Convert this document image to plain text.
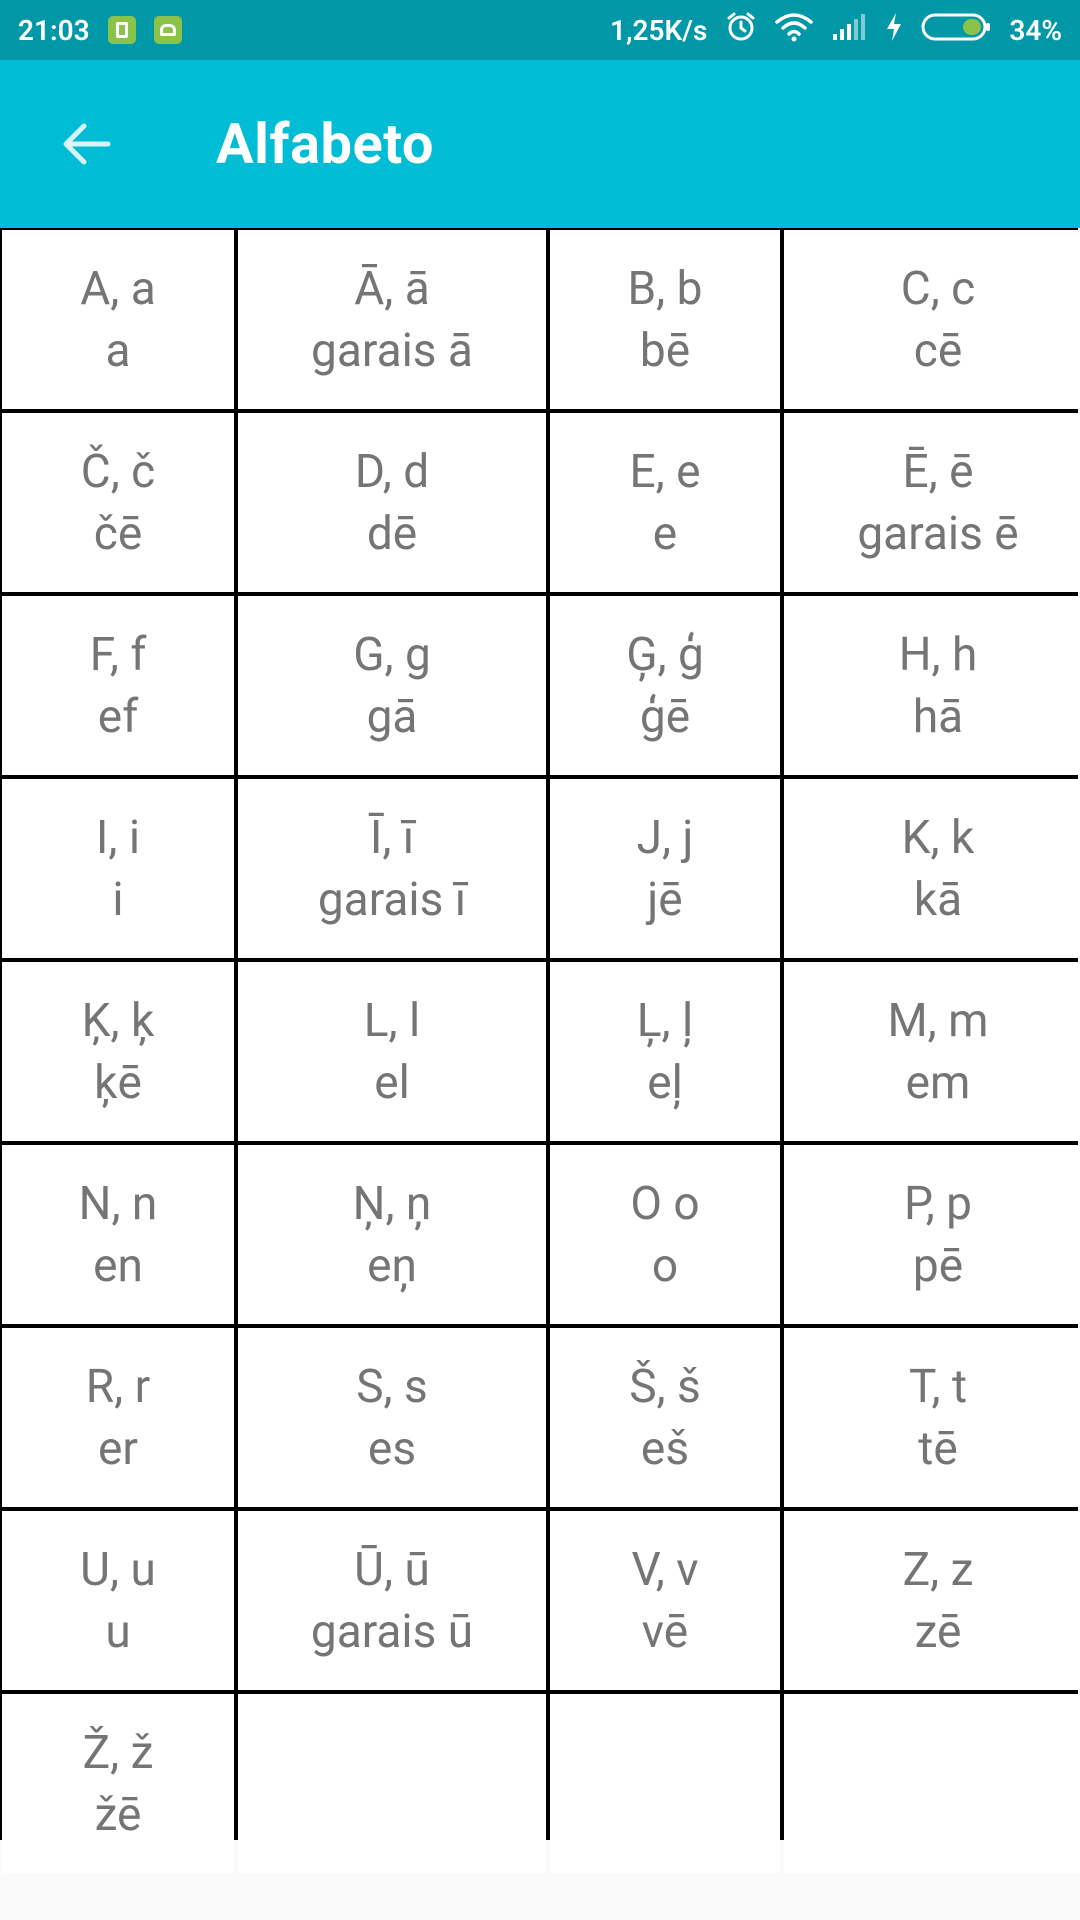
21:03	1,25K/s	34%
Alfabeto
A, a
a
Ā, ā
garais ā
B, b
bē
C, c
cē
Č, č
čē
D, d
dē
E, e
e
Ē, ē
garais ē
F, f
ef
G, g
gā
Ģ, ģ
ģē
H, h
hā
I, i
i
Ī, ī
garais ī
J, j
jē
K, k
kā
Ķ, ķ
ķē
L, l
el
Ļ, ļ
eļ
M, m
em
N, n
en
Ņ, ņ
eņ
O o
o
P, p
pē
R, r
er
S, s
es
Š, š
eš
T, t
tē
U, u
u
Ū, ū
garais ū
V, v
vē
Z, z
zē
Ž, ž
žē
